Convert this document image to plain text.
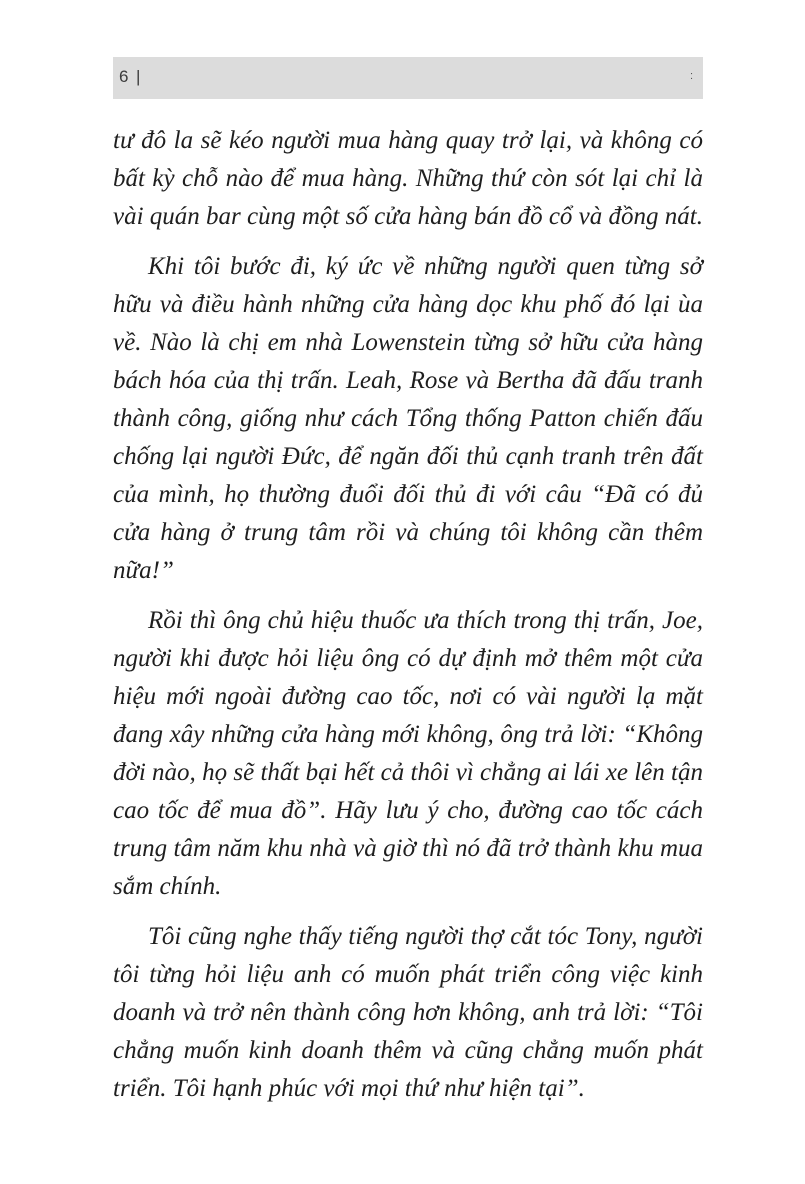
6 |	:

tư đô la sẽ kéo người mua hàng quay trở lại, và không có bất kỳ chỗ nào để mua hàng. Những thứ còn sót lại chỉ là vài quán bar cùng một số cửa hàng bán đồ cổ và đồng nát.

Khi tôi bước đi, ký ức về những người quen từng sở hữu và điều hành những cửa hàng dọc khu phố đó lại ùa về. Nào là chị em nhà Lowenstein từng sở hữu cửa hàng bách hóa của thị trấn. Leah, Rose và Bertha đã đấu tranh thành công, giống như cách Tổng thống Patton chiến đấu chống lại người Đức, để ngăn đối thủ cạnh tranh trên đất của mình, họ thường đuổi đối thủ đi với câu “Đã có đủ cửa hàng ở trung tâm rồi và chúng tôi không cần thêm nữa!”

Rồi thì ông chủ hiệu thuốc ưa thích trong thị trấn, Joe, người khi được hỏi liệu ông có dự định mở thêm một cửa hiệu mới ngoài đường cao tốc, nơi có vài người lạ mặt đang xây những cửa hàng mới không, ông trả lời: “Không đời nào, họ sẽ thất bại hết cả thôi vì chẳng ai lái xe lên tận cao tốc để mua đồ”. Hãy lưu ý cho, đường cao tốc cách trung tâm năm khu nhà và giờ thì nó đã trở thành khu mua sắm chính.

Tôi cũng nghe thấy tiếng người thợ cắt tóc Tony, người tôi từng hỏi liệu anh có muốn phát triển công việc kinh doanh và trở nên thành công hơn không, anh trả lời: “Tôi chẳng muốn kinh doanh thêm và cũng chẳng muốn phát triển. Tôi hạnh phúc với mọi thứ như hiện tại”.
